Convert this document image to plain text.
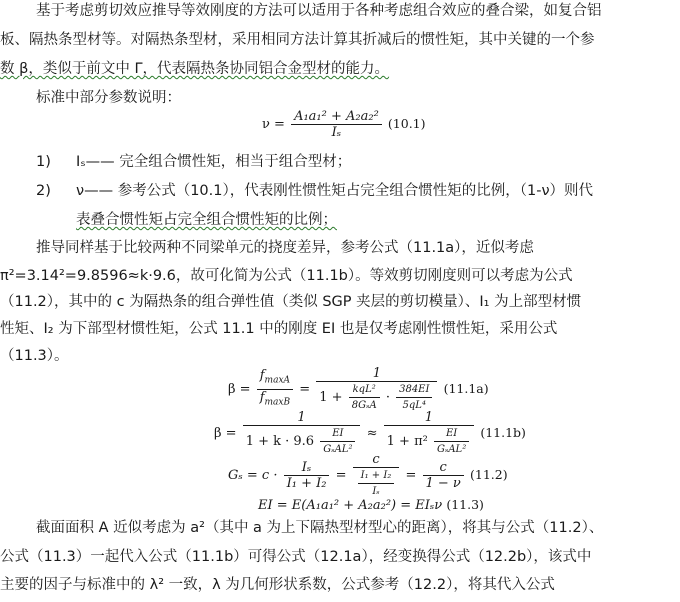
基于考虑剪切效应推导等效刚度的方法可以适用于各种考虑组合效应的叠合梁，如复合铝
板、隔热条型材等。对隔热条型材，采用相同方法计算其折减后的惯性矩，其中关键的一个参
数 β，类似于前文中 Γ，代表隔热条协同铝合金型材的能力。
标准中部分参数说明：
$\nu = \frac{\text{A₁a₁² + A₂a₂²}}{\text{Iₛ}} (10.1)$
1) Iₛ—— 完全组合惯性矩，相当于组合型材；
2) ν—— 参考公式（10.1），代表刚性惯性矩占完全组合惯性矩的比例，（1-ν）则代
表叠合惯性矩占完全组合惯性矩的比例；
推导同样基于比较两种不同梁单元的挠度差异，参考公式（11.1a），近似考虑
π²=3.14²=9.8596≈k·9.6，故可化简为公式（11.1b）。等效剪切刚度则可以考虑为公式
（11.2），其中的 c 为隔热条的组合弹性值（类似 SGP 夹层的剪切模量）、I₁ 为上部型材惯
性矩、I₂ 为下部型材惯性矩，公式 11.1 中的刚度 EI 也是仅考虑刚性惯性矩，采用公式
（11.3）。
$\beta = \frac{f_{maxA}}{f_{maxB}}$ =
1
$1 + \frac{\text{kqL²}}{\text{8GₛA}} \cdot \frac{384EI}{\text{5qL⁴}} (11.1a)$
$\beta = \frac{1}{1 + k \cdot 9.6 \frac{EI}{\text{GₛAL²}}} \approx \frac{1}{1 + \pi^2 \frac{EI}{\text{GₛAL²}}} (11.1b)$
$G_s = c \cdot \frac{\text{Iₛ}}{\text{I₁ + I₂}} = \frac{c}{\frac{\text{I₁ + I₂}}{\text{Iₛ}}} = \frac{c}{1 - \nu} (11.2)$
EI = E(A₁a₁² + A₂a₂²) = EIₛν (11.3)
截面面积 A 近似考虑为 a²（其中 a 为上下隔热型材型心的距离），将其与公式（11.2）、
公式（11.3）一起代入公式（11.1b）可得公式（12.1a），经变换得公式（12.2b），该式中
主要的因子与标准中的 λ² 一致，λ 为几何形状系数，公式参考（12.2），将其代入公式
